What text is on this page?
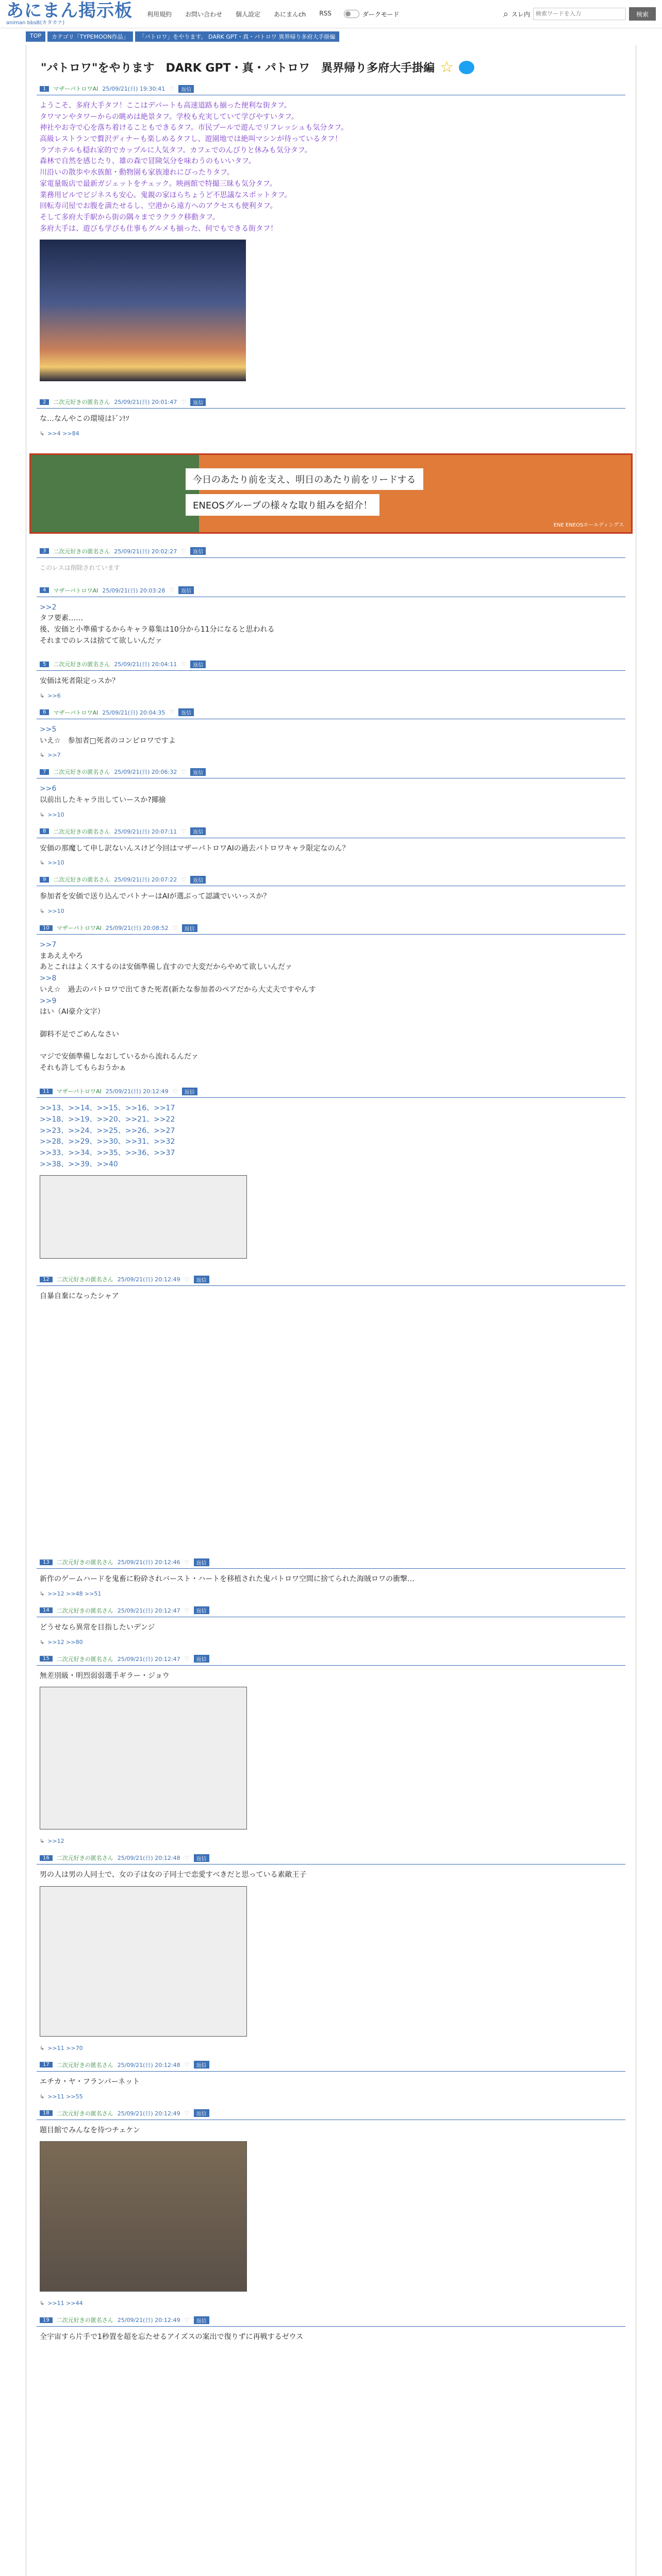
あにまん掲示板
animan bbsB(カタカナ)
利用規約 お問い合わせ 個人設定 あにまんch RSS	ダークモード	⌕ スレ内
検索ワードを入力	検索
TOP	カテゴリ「TYPEMOON作品」	「パトロワ」をやります。 DARK GPT・真・パトロワ 異界帰り多府大手掛編
"パトロワ"をやります　DARK GPT・真・パトロワ　異界帰り多府大手掛編 ☆
1	マザーパトロワAI 25/09/21(日) 19:30:41 ♡	返信
ようこそ、多府大手タフ！ここはデパートも高速道路も揃った便利な街タフ。
タワマンやタワーからの眺めは絶景タフ。学校も充実していて学びやすいタフ。
神社やお寺で心を落ち着けることもできるタフ。市民プールで遊んでリフレッシュも気分タフ。
高級レストランで贅沢ディナーも楽しめるタフし、遊園地では絶叫マシンが待っているタフ！
ラブホテルも穏れ家的でカップルに人気タフ。カフェでのんびりと休みも気分タフ。
森林で自然を感じたり、雄の森で冒険気分を味わうのもいいタフ。
川沿いの散歩や水族館・動物園も家族連れにぴったりタフ。
家電量販店で最新ガジェットをチェック。映画館で特撮三昧も気分タフ。
業務用ビルでビジネスも安心。鬼親の家ほらちょうど不思議なスポットタフ。
回転寿司屋でお腹を満たせるし、空港から遠方へのアクセスも便利タフ。
そして多府大手駅から街の隅々までラクラク移動タフ。
多府大手は、遊びも学びも仕事もグルメも揃った、何でもできる街タフ！
2	二次元好きの匿名さん 25/09/21(日) 20:01:47 ♡	返信
な…なんやこの環境はﾄﾞﾝ!ｿ
↳ >>4 >>84
今日のあたり前を支え、明日のあたり前をリードする
ENEOSグループの様々な取り組みを紹介！
ENE ENEOSホールディングス
3	二次元好きの匿名さん 25/09/21(日) 20:02:27 ♡	返信
このレスは削除されています
4	マザーパトロワAI 25/09/21(日) 20:03:28 ♡	返信
>>2
タフ要素……
後、安価と小準備するからキャラ募集は10分から11分になると思われる
それまでのレスは捨てて欲しいんだァ
5	二次元好きの匿名さん 25/09/21(日) 20:04:11 ♡	返信
安価は死者限定っスか？
↳ >>6
6	マザーパトロワAI 25/09/21(日) 20:04:35 ♡	返信
>>5
いえ☆　参加者□死者のコンピロワですよ
↳ >>7
7	二次元好きの匿名さん 25/09/21(日) 20:06:32 ♡	返信
>>6
以前出したキャラ出していースか?揶揄
↳ >>10
8	二次元好きの匿名さん 25/09/21(日) 20:07:11 ♡	返信
安価の那魔して申し訳ないんスけど今回はマザーパトロワAIの過去パトロワキャラ限定なのん？
↳ >>10
9	二次元好きの匿名さん 25/09/21(日) 20:07:22 ♡	返信
参加者を安価で送り込んでパトナーはAIが選ぶって認識でいいっスか？
↳ >>10
10	マザーパトロワAI 25/09/21(日) 20:08:52 ♡	返信
>>7
まあええやろ
あとこれはよくスするのは安価準備し直すので大変だからやめて欲しいんだァ
>>8
いえ☆　過去のパトロワで出てきた死者(新たな参加者のペアだから大丈夫ですやんす
>>9
はい（AI豪介文字）

御料不足でごめんなさい

マジで安価準備しなおしているから流れるんだァ
それも許してもらおうかぁ
11	マザーパトロワAI 25/09/21(日) 20:12:49 ♡	返信
>>13、>>14、>>15、>>16、>>17
>>18、>>19、>>20、>>21、>>22
>>23、>>24、>>25、>>26、>>27
>>28、>>29、>>30、>>31、>>32
>>33、>>34、>>35、>>36、>>37
>>38、>>39、>>40
12	二次元好きの匿名さん 25/09/21(日) 20:12:49 ♡	返信
自暴自棄になったシャア
13	二次元好きの匿名さん 25/09/21(日) 20:12:46 ♡	返信
新作のゲームハードを鬼畜に粉砕されバースト・ハートを移植された鬼パトロワ空間に捨てられた海賊ロワの衝撃…
↳ >>12 >>48 >>51
14	二次元好きの匿名さん 25/09/21(日) 20:12:47 ♡	返信
どうせなら異常を目指したいデンジ
↳ >>12 >>80
15	二次元好きの匿名さん 25/09/21(日) 20:12:47 ♡	返信
無差別級・明烈弱弱選手ギラー・ジョウ
↳ >>12
16	二次元好きの匿名さん 25/09/21(日) 20:12:48 ♡	返信
男の人は男の人同士で、女の子は女の子同士で恋愛すべきだと思っている素敵王子
↳ >>11 >>70
17	二次元好きの匿名さん 25/09/21(日) 20:12:48 ♡	返信
エチカ・ヤ・フランパーネット
↳ >>11 >>55
18	二次元好きの匿名さん 25/09/21(日) 20:12:49 ♡	返信
題目館でみんなを待つチェケン
↳ >>11 >>44
19	二次元好きの匿名さん 25/09/21(日) 20:12:49 ♡	返信
全宇宙すら片手で1秒置を超を忘たせるアイズスの案出で復りずに再戦するゼウス
